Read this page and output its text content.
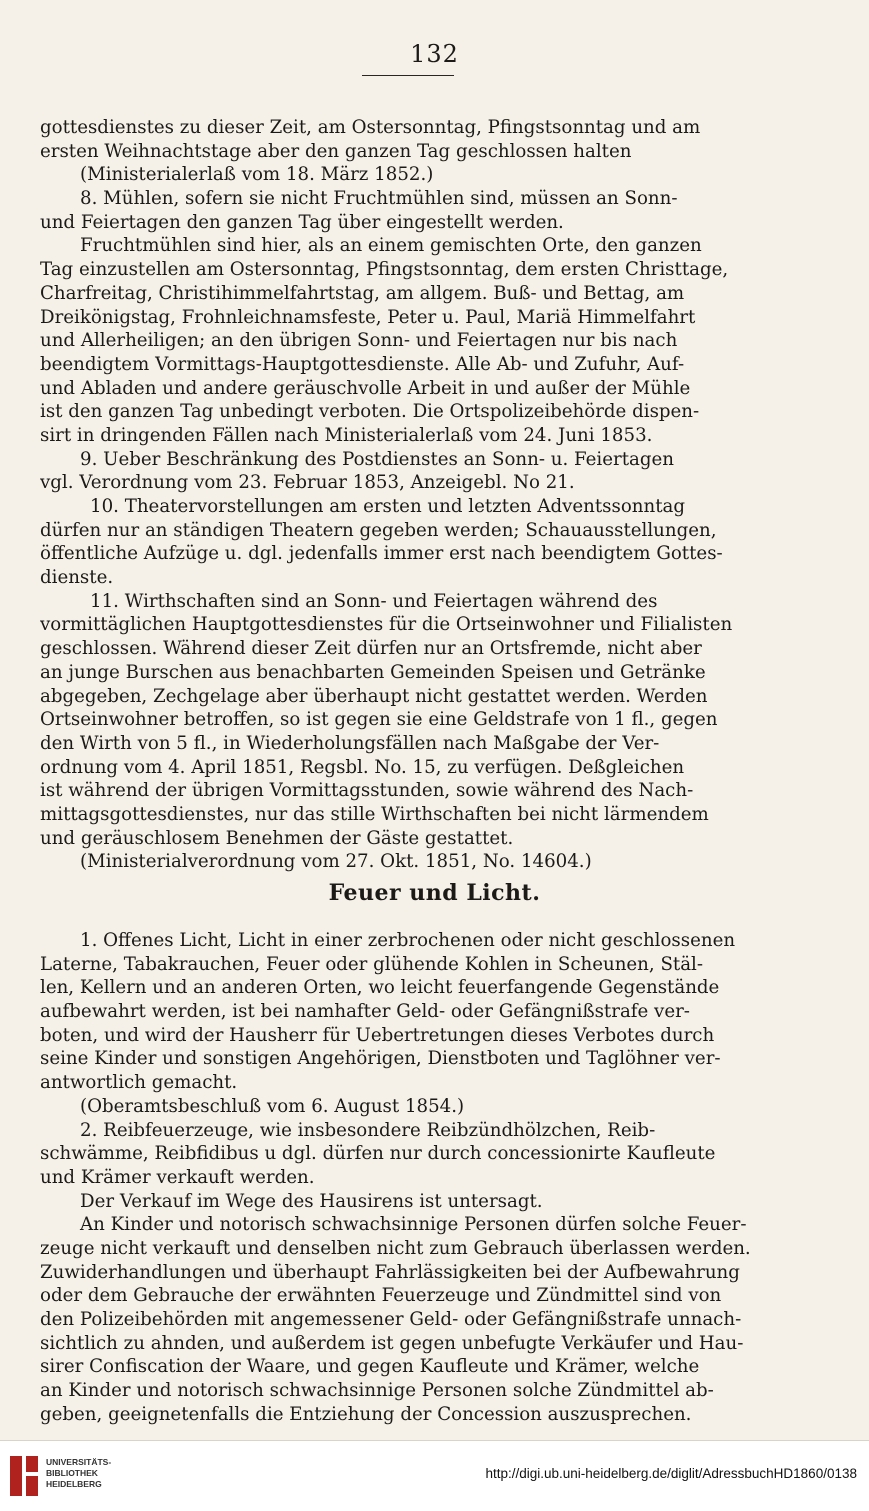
132
gottesdienstes zu dieser Zeit, am Ostersonntag, Pfingstsonntag und am
ersten Weihnachtstage aber den ganzen Tag geschlossen halten
(Ministerialerlaß vom 18. März 1852.)
8. Mühlen, sofern sie nicht Fruchtmühlen sind, müssen an Sonn-
und Feiertagen den ganzen Tag über eingestellt werden.
Fruchtmühlen sind hier, als an einem gemischten Orte, den ganzen
Tag einzustellen am Ostersonntag, Pfingstsonntag, dem ersten Christtage,
Charfreitag, Christihimmelfahrtstag, am allgem. Buß- und Bettag, am
Dreikönigstag, Frohnleichnamsfeste, Peter u. Paul, Mariä Himmelfahrt
und Allerheiligen; an den übrigen Sonn- und Feiertagen nur bis nach
beendigtem Vormittags-Hauptgottesdienste. Alle Ab- und Zufuhr, Auf-
und Abladen und andere geräuschvolle Arbeit in und außer der Mühle
ist den ganzen Tag unbedingt verboten. Die Ortspolizeibehörde dispen-
sirt in dringenden Fällen nach Ministerialerlaß vom 24. Juni 1853.
9. Ueber Beschränkung des Postdienstes an Sonn- u. Feiertagen
vgl. Verordnung vom 23. Februar 1853, Anzeigebl. No 21.
10. Theatervorstellungen am ersten und letzten Adventssonntag
dürfen nur an ständigen Theatern gegeben werden; Schauausstellungen,
öffentliche Aufzüge u. dgl. jedenfalls immer erst nach beendigtem Gottes-
dienste.
11. Wirthschaften sind an Sonn- und Feiertagen während des
vormittäglichen Hauptgottesdienstes für die Ortseinwohner und Filialisten
geschlossen. Während dieser Zeit dürfen nur an Ortsfremde, nicht aber
an junge Burschen aus benachbarten Gemeinden Speisen und Getränke
abgegeben, Zechgelage aber überhaupt nicht gestattet werden. Werden
Ortseinwohner betroffen, so ist gegen sie eine Geldstrafe von 1 fl., gegen
den Wirth von 5 fl., in Wiederholungsfällen nach Maßgabe der Ver-
ordnung vom 4. April 1851, Regsbl. No. 15, zu verfügen. Deßgleichen
ist während der übrigen Vormittagsstunden, sowie während des Nach-
mittagsgottesdienstes, nur das stille Wirthschaften bei nicht lärmendem
und geräuschlosem Benehmen der Gäste gestattet.
(Ministerialverordnung vom 27. Okt. 1851, No. 14604.)
Feuer und Licht.
1. Offenes Licht, Licht in einer zerbrochenen oder nicht geschlossenen
Laterne, Tabakrauchen, Feuer oder glühende Kohlen in Scheunen, Stäl-
len, Kellern und an anderen Orten, wo leicht feuerfangende Gegenstände
aufbewahrt werden, ist bei namhafter Geld- oder Gefängnißstrafe ver-
boten, und wird der Hausherr für Uebertretungen dieses Verbotes durch
seine Kinder und sonstigen Angehörigen, Dienstboten und Taglöhner ver-
antwortlich gemacht.
(Oberamtsbeschluß vom 6. August 1854.)
2. Reibfeuerzeuge, wie insbesondere Reibzündhölzchen, Reib-
schwämme, Reibfidibus u dgl. dürfen nur durch concessionirte Kaufleute
und Krämer verkauft werden.
Der Verkauf im Wege des Hausirens ist untersagt.
An Kinder und notorisch schwachsinnige Personen dürfen solche Feuer-
zeuge nicht verkauft und denselben nicht zum Gebrauch überlassen werden.
Zuwiderhandlungen und überhaupt Fahrlässigkeiten bei der Aufbewahrung
oder dem Gebrauche der erwähnten Feuerzeuge und Zündmittel sind von
den Polizeibehörden mit angemessener Geld- oder Gefängnißstrafe unnach-
sichtlich zu ahnden, und außerdem ist gegen unbefugte Verkäufer und Hau-
sirer Confiscation der Waare, und gegen Kaufleute und Krämer, welche
an Kinder und notorisch schwachsinnige Personen solche Zündmittel ab-
geben, geeignetenfalls die Entziehung der Concession auszusprechen.
UNIVERSITÄTS-
BIBLIOTHEK
HEIDELBERG
http://digi.ub.uni-heidelberg.de/diglit/AdressbuchHD1860/0138
